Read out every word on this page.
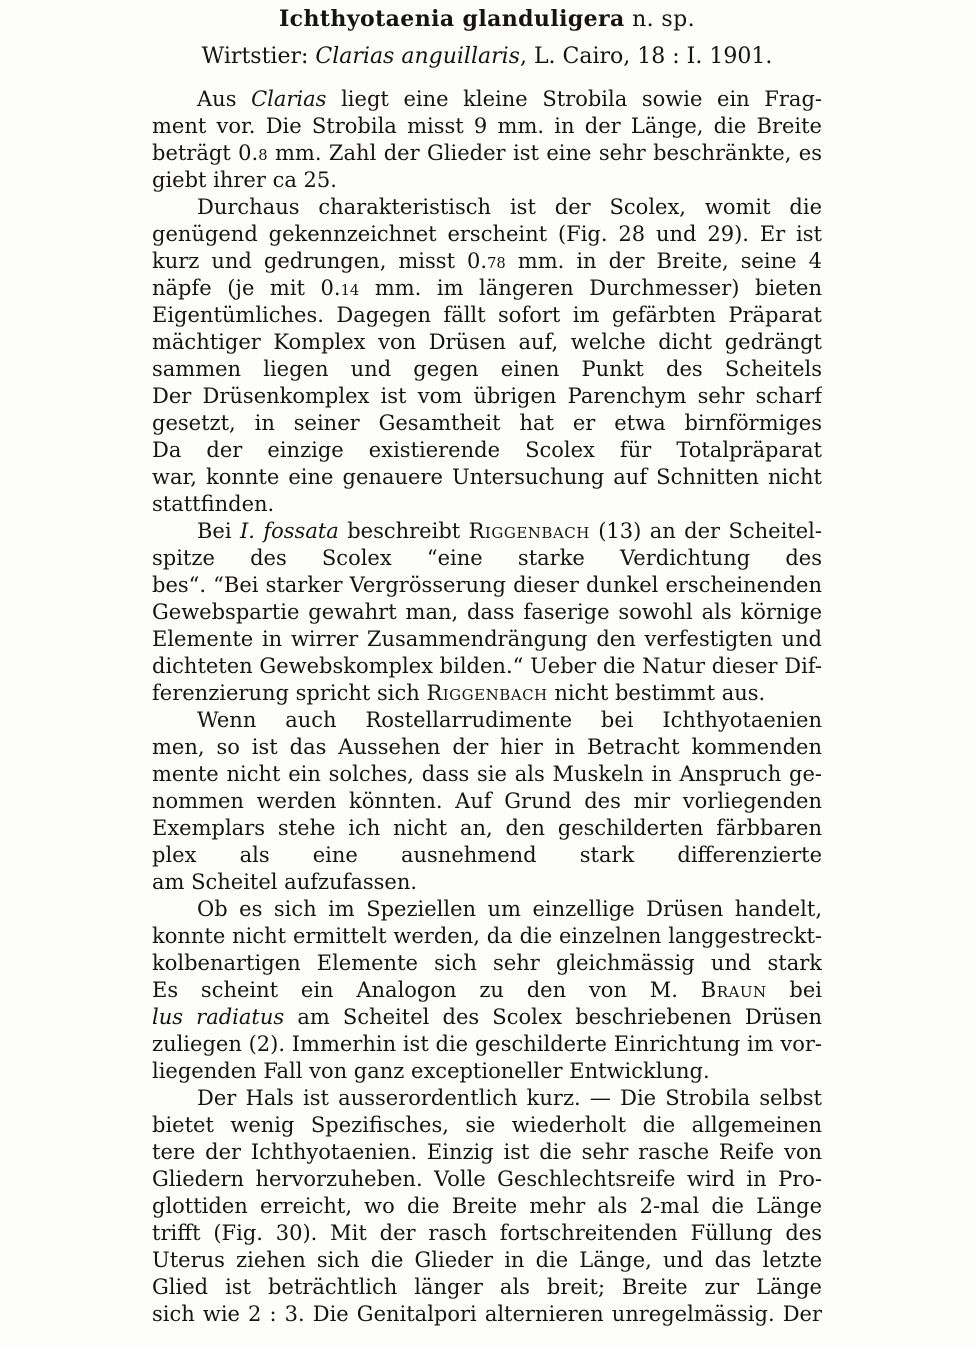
Ichthyotaenia glanduligera n. sp.
Wirtstier: Clarias anguillaris, L. Cairo, 18 : I. 1901.
Aus Clarias liegt eine kleine Strobila sowie ein Frag-
ment vor. Die Strobila misst 9 mm. in der Länge, die Breite
beträgt 0.8 mm. Zahl der Glieder ist eine sehr beschränkte, es
giebt ihrer ca 25.
Durchaus charakteristisch ist der Scolex, womit die
genügend gekennzeichnet erscheint (Fig. 28 und 29). Er ist
kurz und gedrungen, misst 0.78 mm. in der Breite, seine 4
näpfe (je mit 0.14 mm. im längeren Durchmesser) bieten
Eigentümliches. Dagegen fällt sofort im gefärbten Präparat
mächtiger Komplex von Drüsen auf, welche dicht gedrängt
sammen liegen und gegen einen Punkt des Scheitels
Der Drüsenkomplex ist vom übrigen Parenchym sehr scharf
gesetzt, in seiner Gesamtheit hat er etwa birnförmiges
Da der einzige existierende Scolex für Totalpräparat
war, konnte eine genauere Untersuchung auf Schnitten nicht
stattfinden.
Bei I. fossata beschreibt Riggenbach (13) an der Scheitel-
spitze des Scolex “eine starke Verdichtung des
bes“. “Bei starker Vergrösserung dieser dunkel erscheinenden
Gewebspartie gewahrt man, dass faserige sowohl als körnige
Elemente in wirrer Zusammendrängung den verfestigten und
dichteten Gewebskomplex bilden.“ Ueber die Natur dieser Dif-
ferenzierung spricht sich Riggenbach nicht bestimmt aus.
Wenn auch Rostellarrudimente bei Ichthyotaenien
men, so ist das Aussehen der hier in Betracht kommenden
mente nicht ein solches, dass sie als Muskeln in Anspruch ge-
nommen werden könnten. Auf Grund des mir vorliegenden
Exemplars stehe ich nicht an, den geschilderten färbbaren
plex als eine ausnehmend stark differenzierte
am Scheitel aufzufassen.
Ob es sich im Speziellen um einzellige Drüsen handelt,
konnte nicht ermittelt werden, da die einzelnen langgestreckt-
kolbenartigen Elemente sich sehr gleichmässig und stark
Es scheint ein Analogon zu den von M. Braun bei
lus radiatus am Scheitel des Scolex beschriebenen Drüsen
zuliegen (2). Immerhin ist die geschilderte Einrichtung im vor-
liegenden Fall von ganz exceptioneller Entwicklung.
Der Hals ist ausserordentlich kurz. — Die Strobila selbst
bietet wenig Spezifisches, sie wiederholt die allgemeinen
tere der Ichthyotaenien. Einzig ist die sehr rasche Reife von
Gliedern hervorzuheben. Volle Geschlechtsreife wird in Pro-
glottiden erreicht, wo die Breite mehr als 2-mal die Länge
trifft (Fig. 30). Mit der rasch fortschreitenden Füllung des
Uterus ziehen sich die Glieder in die Länge, und das letzte
Glied ist beträchtlich länger als breit; Breite zur Länge
sich wie 2 : 3. Die Genitalpori alternieren unregelmässig. Der
